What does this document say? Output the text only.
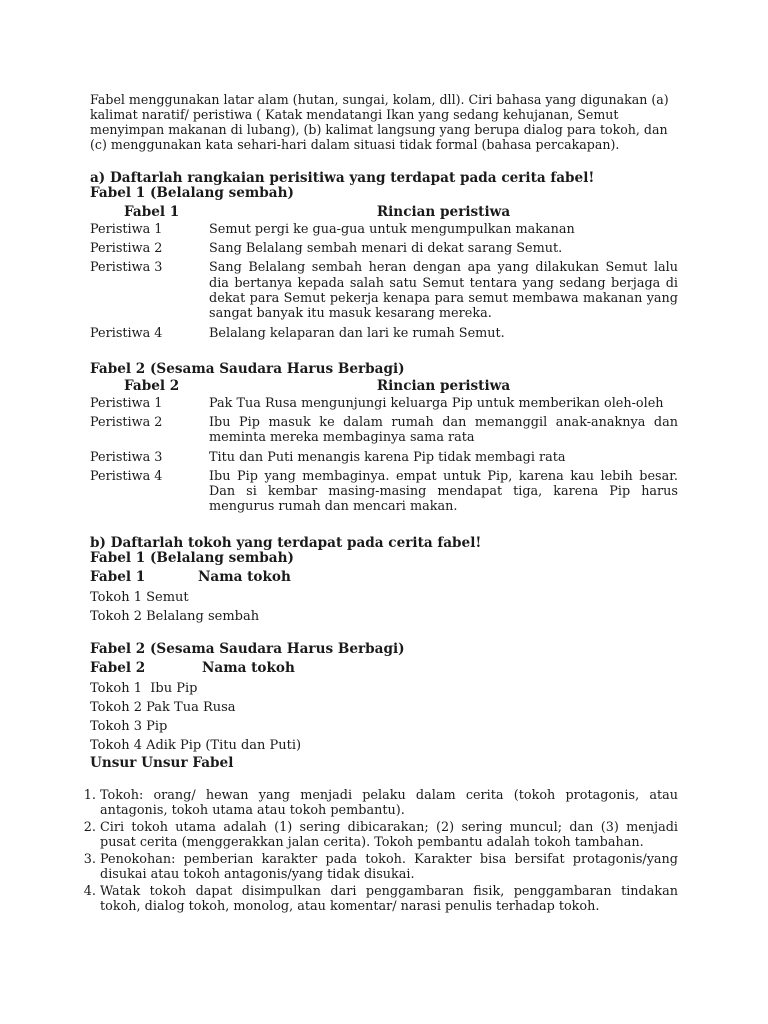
Fabel menggunakan latar alam (hutan, sungai, kolam, dll). Ciri bahasa yang digunakan (a) kalimat naratif/ peristiwa ( Katak mendatangi Ikan yang sedang kehujanan, Semut menyimpan makanan di lubang), (b) kalimat langsung yang berupa dialog para tokoh, dan (c) menggunakan kata sehari-hari dalam situasi tidak formal (bahasa percakapan).

a) Daftarlah rangkaian perisitiwa yang terdapat pada cerita fabel!
Fabel 1 (Belalang sembah)
Fabel 1	Rincian peristiwa
Peristiwa 1	Semut pergi ke gua-gua untuk mengumpulkan makanan
Peristiwa 2	Sang Belalang sembah menari di dekat sarang Semut.
Peristiwa 3	Sang Belalang sembah heran dengan apa yang dilakukan Semut lalu dia bertanya kepada salah satu Semut tentara yang sedang berjaga di dekat para Semut pekerja kenapa para semut membawa makanan yang sangat banyak itu masuk kesarang mereka.
Peristiwa 4	Belalang kelaparan dan lari ke rumah Semut.
Fabel 2 (Sesama Saudara Harus Berbagi)
Fabel 2	Rincian peristiwa
Peristiwa 1	Pak Tua Rusa mengunjungi keluarga Pip untuk memberikan oleh-oleh
Peristiwa 2	Ibu Pip masuk ke dalam rumah dan memanggil anak-anaknya dan meminta mereka membaginya sama rata
Peristiwa 3	Titu dan Puti menangis karena Pip tidak membagi rata
Peristiwa 4	Ibu Pip yang membaginya. empat untuk Pip, karena kau lebih besar. Dan si kembar masing-masing mendapat tiga, karena Pip harus mengurus rumah dan mencari makan.
b) Daftarlah tokoh yang terdapat pada cerita fabel!
Fabel 1 (Belalang sembah)
Fabel 1	Nama tokoh
Tokoh 1 Semut
Tokoh 2 Belalang sembah
Fabel 2 (Sesama Saudara Harus Berbagi)
Fabel 2	Nama tokoh
Tokoh 1  Ibu Pip
Tokoh 2 Pak Tua Rusa
Tokoh 3 Pip
Tokoh 4 Adik Pip (Titu dan Puti)
Unsur Unsur Fabel
1. Tokoh: orang/ hewan yang menjadi pelaku dalam cerita (tokoh protagonis, atau antagonis, tokoh utama atau tokoh pembantu).
2. Ciri tokoh utama adalah (1) sering dibicarakan; (2) sering muncul; dan (3) menjadi pusat cerita (menggerakkan jalan cerita). Tokoh pembantu adalah tokoh tambahan.
3. Penokohan: pemberian karakter pada tokoh. Karakter bisa bersifat protagonis/yang disukai atau tokoh antagonis/yang tidak disukai.
4. Watak tokoh dapat disimpulkan dari penggambaran fisik, penggambaran tindakan tokoh, dialog tokoh, monolog, atau komentar/ narasi penulis terhadap tokoh.
